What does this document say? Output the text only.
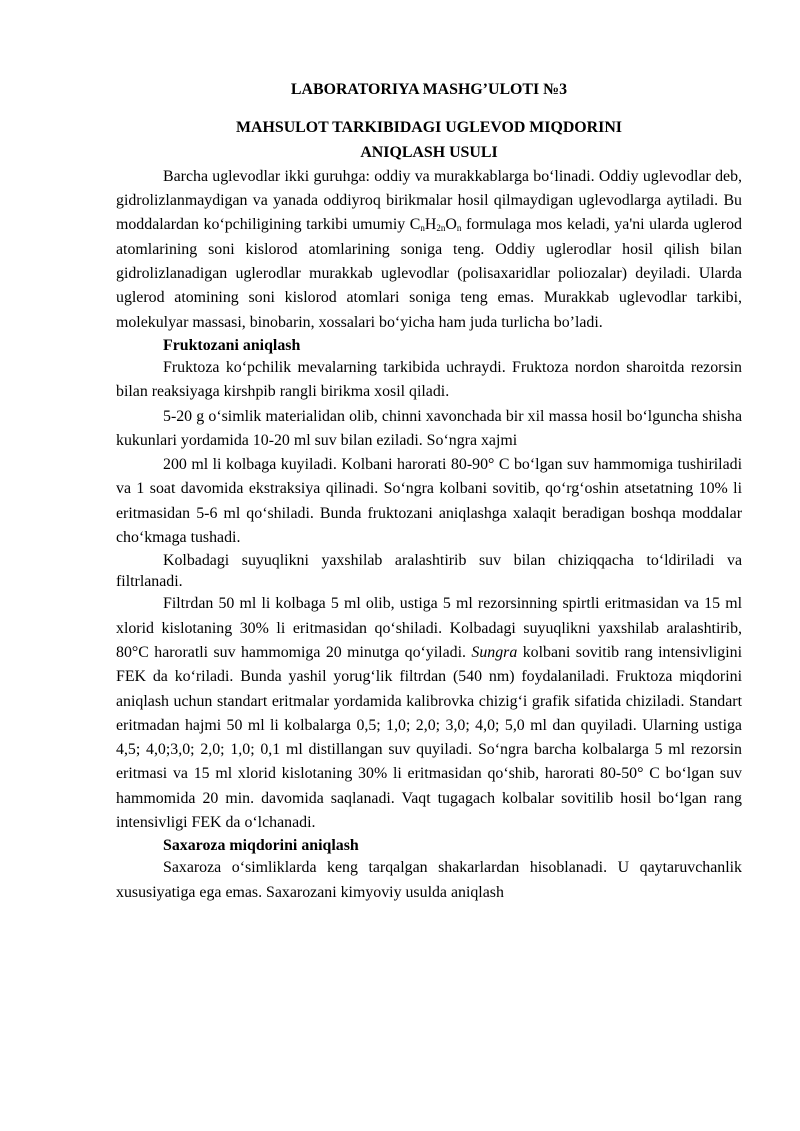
LABORATORIYA MASHG’ULOTI №3
MAHSULOT TARKIBIDAGI UGLEVOD MIQDORINI
ANIQLASH USULI

Barcha uglevodlar ikki guruhga: oddiy va murakkablarga bo‘linadi. Oddiy uglevodlar deb, gidrolizlanmaydigan va yanada oddiyroq birikmalar hosil qilmaydigan uglevodlarga aytiladi. Bu moddalardan ko‘pchiligining tarkibi umumiy $C_nH_{2n}O_n$ formulaga mos keladi, ya'ni ularda uglerod atomlarining soni kislorod atomlarining soniga teng. Oddiy uglerodlar hosil qilish bilan gidrolizlanadigan uglerodlar murakkab uglevodlar (polisaxaridlar poliozalar) deyiladi. Ularda uglerod atomining soni kislorod atomlari soniga teng emas. Murakkab uglevodlar tarkibi, molekulyar massasi, binobarin, xossalari bo‘yicha ham juda turlicha bo’ladi.

Fruktozani aniqlash

Fruktoza ko‘pchilik mevalarning tarkibida uchraydi. Fruktoza nordon sharoitda rezorsin bilan reaksiyaga kirshpib rangli birikma xosil qiladi.

5-20 g o‘simlik materialidan olib, chinni xavonchada bir xil massa hosil bo‘lguncha shisha kukunlari yordamida 10-20 ml suv bilan eziladi. So‘ngra xajmi

200 ml li kolbaga kuyiladi. Kolbani harorati 80-90° C bo‘lgan suv hammomiga tushiriladi va 1 soat davomida ekstraksiya qilinadi. So‘ngra kolbani sovitib, qo‘rg‘oshin atsetatning 10% li eritmasidan 5-6 ml qo‘shiladi. Bunda fruktozani aniqlashga xalaqit beradigan boshqa moddalar cho‘kmaga tushadi.

Kolbadagi suyuqlikni yaxshilab aralashtirib suv bilan chiziqqacha to‘ldiriladi va filtrlanadi.

Filtrdan 50 ml li kolbaga 5 ml olib, ustiga 5 ml rezorsinning spirtli eritmasidan va 15 ml xlorid kislotaning 30% li eritmasidan qo‘shiladi. Kolbadagi suyuqlikni yaxshilab aralashtirib, 80°C haroratli suv hammomiga 20 minutga qo‘yiladi. Sungra kolbani sovitib rang intensivligini FEK da ko‘riladi. Bunda yashil yorug‘lik filtrdan (540 nm) foydalaniladi. Fruktoza miqdorini aniqlash uchun standart eritmalar yordamida kalibrovka chizig‘i grafik sifatida chiziladi. Standart eritmadan hajmi 50 ml li kolbalarga 0,5; 1,0; 2,0; 3,0; 4,0; 5,0 ml dan quyiladi. Ularning ustiga 4,5; 4,0;3,0; 2,0; 1,0; 0,1 ml distillangan suv quyiladi. So‘ngra barcha kolbalarga 5 ml rezorsin eritmasi va 15 ml xlorid kislotaning 30% li eritmasidan qo‘shib, harorati 80-50° C bo‘lgan suv hammomida 20 min. davomida saqlanadi. Vaqt tugagach kolbalar sovitilib hosil bo‘lgan rang intensivligi FEK da o‘lchanadi.

Saxaroza miqdorini aniqlash

Saxaroza o‘simliklarda keng tarqalgan shakarlardan hisoblanadi. U qaytaruvchanlik xususiyatiga ega emas. Saxarozani kimyoviy usulda aniqlash
